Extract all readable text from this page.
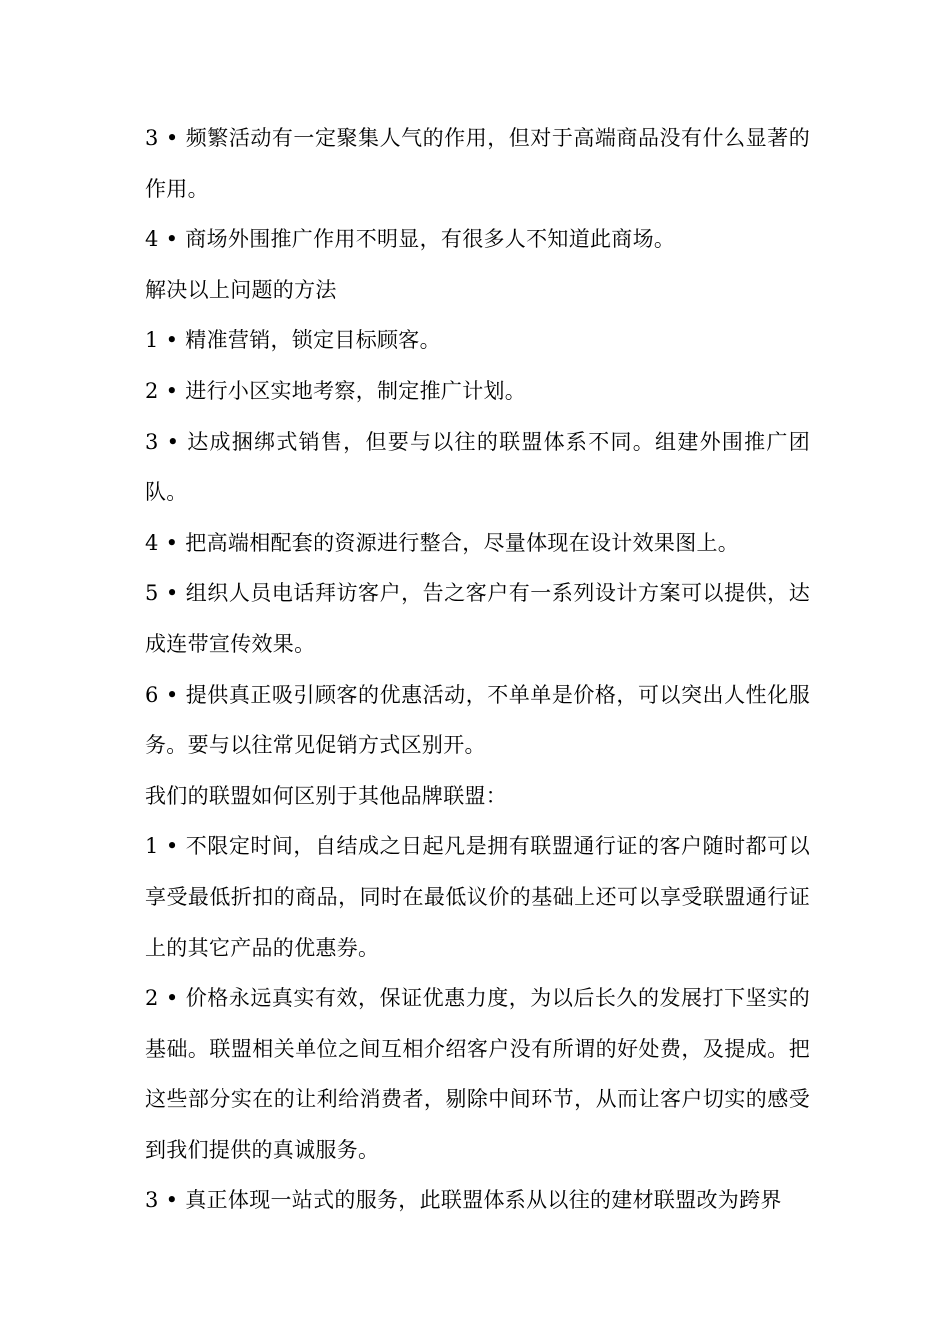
3 • 频繁活动有一定聚集人气的作用，但对于高端商品没有什么显著的作用。

4 • 商场外围推广作用不明显，有很多人不知道此商场。

解决以上问题的方法

1 • 精准营销，锁定目标顾客。

2 • 进行小区实地考察，制定推广计划。

3 • 达成捆绑式销售，但要与以往的联盟体系不同。组建外围推广团队。

4 • 把高端相配套的资源进行整合，尽量体现在设计效果图上。

5 • 组织人员电话拜访客户，告之客户有一系列设计方案可以提供，达成连带宣传效果。

6 • 提供真正吸引顾客的优惠活动，不单单是价格，可以突出人性化服务。要与以往常见促销方式区别开。

我们的联盟如何区别于其他品牌联盟：

1 • 不限定时间，自结成之日起凡是拥有联盟通行证的客户随时都可以享受最低折扣的商品，同时在最低议价的基础上还可以享受联盟通行证上的其它产品的优惠券。

2 • 价格永远真实有效，保证优惠力度，为以后长久的发展打下坚实的基础。联盟相关单位之间互相介绍客户没有所谓的好处费，及提成。把这些部分实在的让利给消费者，剔除中间环节，从而让客户切实的感受到我们提供的真诚服务。

3 • 真正体现一站式的服务，此联盟体系从以往的建材联盟改为跨界
